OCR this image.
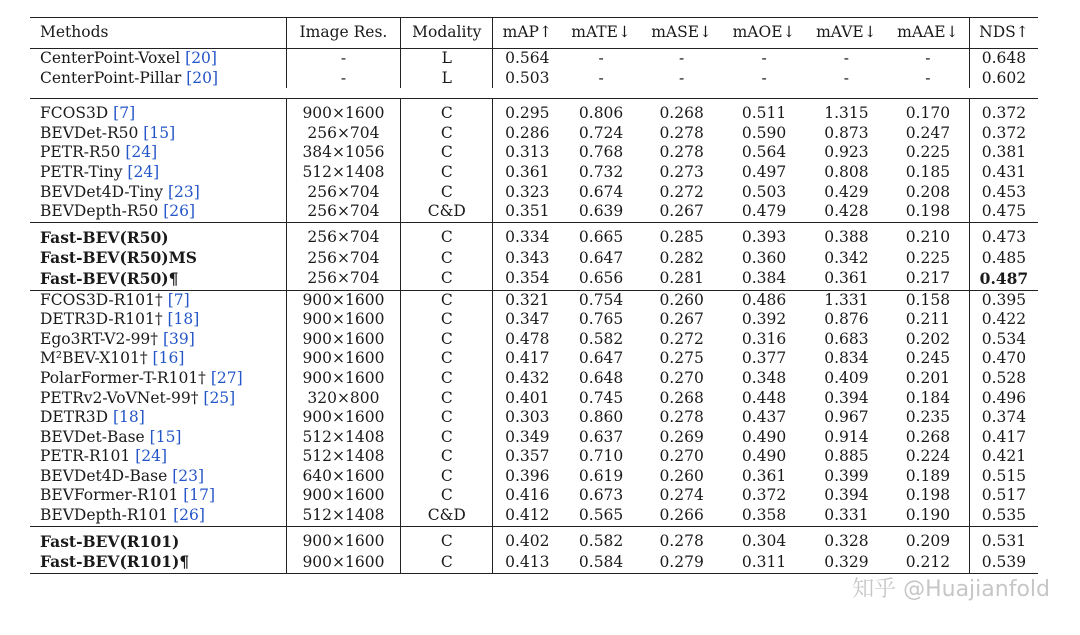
Methods	Image Res.	Modality	mAP↑	mATE↓	mASE↓	mAOE↓	mAVE↓	mAAE↓	NDS↑
CenterPoint-Voxel [20]	-	L	0.564	-	-	-	-	-	0.648
CenterPoint-Pillar [20]	-	L	0.503	-	-	-	-	-	0.602

FCOS3D [7]	900×1600	C	0.295	0.806	0.268	0.511	1.315	0.170	0.372
BEVDet-R50 [15]	256×704	C	0.286	0.724	0.278	0.590	0.873	0.247	0.372
PETR-R50 [24]	384×1056	C	0.313	0.768	0.278	0.564	0.923	0.225	0.381
PETR-Tiny [24]	512×1408	C	0.361	0.732	0.273	0.497	0.808	0.185	0.431
BEVDet4D-Tiny [23]	256×704	C	0.323	0.674	0.272	0.503	0.429	0.208	0.453
BEVDepth-R50 [26]	256×704	C&D	0.351	0.639	0.267	0.479	0.428	0.198	0.475
Fast-BEV(R50)	256×704	C	0.334	0.665	0.285	0.393	0.388	0.210	0.473
Fast-BEV(R50)MS	256×704	C	0.343	0.647	0.282	0.360	0.342	0.225	0.485
Fast-BEV(R50)¶	256×704	C	0.354	0.656	0.281	0.384	0.361	0.217	0.487
FCOS3D-R101† [7]	900×1600	C	0.321	0.754	0.260	0.486	1.331	0.158	0.395
DETR3D-R101† [18]	900×1600	C	0.347	0.765	0.267	0.392	0.876	0.211	0.422
Ego3RT-V2-99† [39]	900×1600	C	0.478	0.582	0.272	0.316	0.683	0.202	0.534
M²BEV-X101† [16]	900×1600	C	0.417	0.647	0.275	0.377	0.834	0.245	0.470
PolarFormer-T-R101† [27]	900×1600	C	0.432	0.648	0.270	0.348	0.409	0.201	0.528
PETRv2-VoVNet-99† [25]	320×800	C	0.401	0.745	0.268	0.448	0.394	0.184	0.496
DETR3D [18]	900×1600	C	0.303	0.860	0.278	0.437	0.967	0.235	0.374
BEVDet-Base [15]	512×1408	C	0.349	0.637	0.269	0.490	0.914	0.268	0.417
PETR-R101 [24]	512×1408	C	0.357	0.710	0.270	0.490	0.885	0.224	0.421
BEVDet4D-Base [23]	640×1600	C	0.396	0.619	0.260	0.361	0.399	0.189	0.515
BEVFormer-R101 [17]	900×1600	C	0.416	0.673	0.274	0.372	0.394	0.198	0.517
BEVDepth-R101 [26]	512×1408	C&D	0.412	0.565	0.266	0.358	0.331	0.190	0.535
Fast-BEV(R101)	900×1600	C	0.402	0.582	0.278	0.304	0.328	0.209	0.531
Fast-BEV(R101)¶	900×1600	C	0.413	0.584	0.279	0.311	0.329	0.212	0.539
知乎 @Huajianfold
